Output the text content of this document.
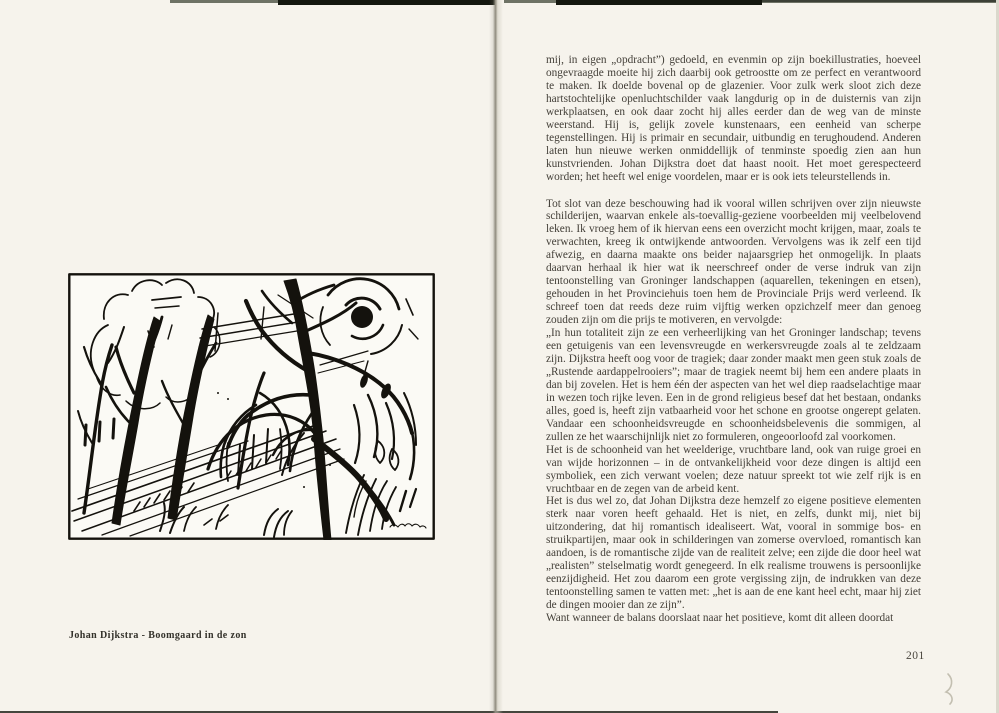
Johan Dijkstra - Boomgaard in de zon

mij, in eigen „opdracht”) gedoeld, en evenmin op zijn boekillustraties, hoeveel ongevraagde moeite hij zich daarbij ook getroostte om ze perfect en verantwoord te maken. Ik doelde bovenal op de glazenier. Voor zulk werk sloot zich deze hartstochtelijke openluchtschilder vaak langdurig op in de duisternis van zijn werkplaatsen, en ook daar zocht hij alles eerder dan de weg van de minste weerstand. Hij is, gelijk zovele kunstenaars, een eenheid van scherpe tegenstellingen. Hij is primair en secundair, uitbundig en terughoudend. Anderen laten hun nieuwe werken onmiddellijk of tenminste spoedig zien aan hun kunstvrienden. Johan Dijkstra doet dat haast nooit. Het moet gerespecteerd worden; het heeft wel enige voordelen, maar er is ook iets teleurstellends in.

Tot slot van deze beschouwing had ik vooral willen schrijven over zijn nieuwste schilderijen, waarvan enkele als-toevallig-geziene voorbeelden mij veelbelovend leken. Ik vroeg hem of ik hiervan eens een overzicht mocht krijgen, maar, zoals te verwachten, kreeg ik ontwijkende antwoorden. Vervolgens was ik zelf een tijd afwezig, en daarna maakte ons beider najaarsgriep het onmogelijk. In plaats daarvan herhaal ik hier wat ik neerschreef onder de verse indruk van zijn tentoonstelling van Groninger landschappen (aquarellen, tekeningen en etsen), gehouden in het Provinciehuis toen hem de Provinciale Prijs werd verleend. Ik schreef toen dat reeds deze ruim vijftig werken opzichzelf meer dan genoeg zouden zijn om die prijs te motiveren, en vervolgde:

„In hun totaliteit zijn ze een verheerlijking van het Groninger landschap; tevens een getuigenis van een levensvreugde en werkersvreugde zoals al te zeldzaam zijn. Dijkstra heeft oog voor de tragiek; daar zonder maakt men geen stuk zoals de „Rustende aardappelrooiers”; maar de tragiek neemt bij hem een andere plaats in dan bij zovelen. Het is hem één der aspecten van het wel diep raadselachtige maar in wezen toch rijke leven. Een in de grond religieus besef dat het bestaan, ondanks alles, goed is, heeft zijn vatbaarheid voor het schone en grootse ongerept gelaten. Vandaar een schoonheidsvreugde en schoonheidsbelevenis die sommigen, al zullen ze het waarschijnlijk niet zo formuleren, ongeoorloofd zal voorkomen.

Het is de schoonheid van het weelderige, vruchtbare land, ook van ruige groei en van wijde horizonnen – in de ontvankelijkheid voor deze dingen is altijd een symboliek, een zich verwant voelen; deze natuur spreekt tot wie zelf rijk is en vruchtbaar en de zegen van de arbeid kent.

Het is dus wel zo, dat Johan Dijkstra deze hemzelf zo eigene positieve elementen sterk naar voren heeft gehaald. Het is niet, en zelfs, dunkt mij, niet bij uitzondering, dat hij romantisch idealiseert. Wat, vooral in sommige bos- en struikpartijen, maar ook in schilderingen van zomerse overvloed, romantisch kan aandoen, is de romantische zijde van de realiteit zelve; een zijde die door heel wat „realisten” stelselmatig wordt genegeerd. In elk realisme trouwens is persoonlijke eenzijdigheid. Het zou daarom een grote vergissing zijn, de indrukken van deze tentoonstelling samen te vatten met: „het is aan de ene kant heel echt, maar hij ziet de dingen mooier dan ze zijn”.

Want wanneer de balans doorslaat naar het positieve, komt dit alleen doordat

201
